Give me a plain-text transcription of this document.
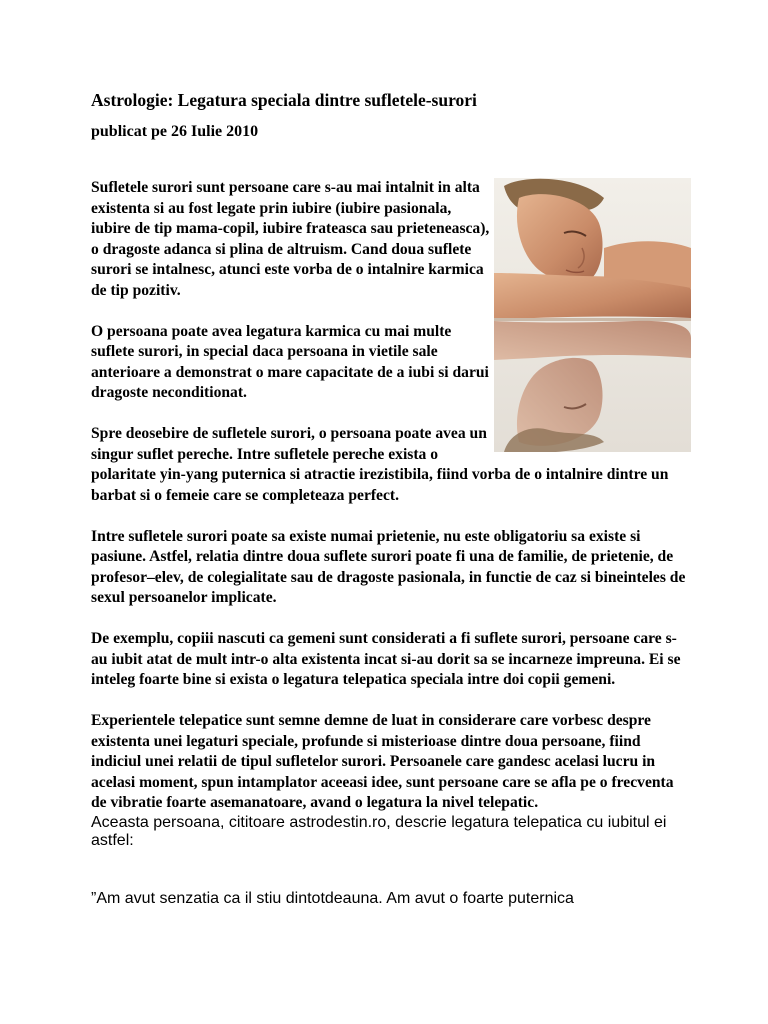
Astrologie: Legatura speciala dintre sufletele-surori
publicat pe 26 Iulie 2010

Sufletele surori sunt persoane care s-au mai intalnit in alta existenta si au fost legate prin iubire (iubire pasionala, iubire de tip mama-copil, iubire frateasca sau prieteneasca), o dragoste adanca si plina de altruism. Cand doua suflete surori se intalnesc, atunci este vorba de o intalnire karmica de tip pozitiv.

O persoana poate avea legatura karmica cu mai multe suflete surori, in special daca persoana in vietile sale anterioare a demonstrat o mare capacitate de a iubi si darui dragoste neconditionat.

Spre deosebire de sufletele surori, o persoana poate avea un singur suflet pereche. Intre sufletele pereche exista o polaritate yin-yang puternica si atractie irezistibila, fiind vorba de o intalnire dintre un barbat si o femeie care se completeaza perfect.

Intre sufletele surori poate sa existe numai prietenie, nu este obligatoriu sa existe si pasiune. Astfel, relatia dintre doua suflete surori poate fi una de familie, de prietenie, de profesor–elev, de colegialitate sau de dragoste pasionala, in functie de caz si bineinteles de sexul persoanelor implicate.

De exemplu, copiii nascuti ca gemeni sunt considerati a fi suflete surori, persoane care s-au iubit atat de mult intr-o alta existenta incat si-au dorit sa se incarneze impreuna. Ei se inteleg foarte bine si exista o legatura telepatica speciala intre doi copii gemeni.

Experientele telepatice sunt semne demne de luat in considerare care vorbesc despre existenta unei legaturi speciale, profunde si misterioase dintre doua persoane, fiind indiciul unei relatii de tipul sufletelor surori. Persoanele care gandesc acelasi lucru in acelasi moment, spun intamplator aceeasi idee, sunt persoane care se afla pe o frecventa de vibratie foarte asemanatoare, avand o legatura la nivel telepatic.

Aceasta persoana, cititoare astrodestin.ro, descrie legatura telepatica cu iubitul ei astfel:

”Am avut senzatia ca il stiu dintotdeauna. Am avut o foarte puternica
